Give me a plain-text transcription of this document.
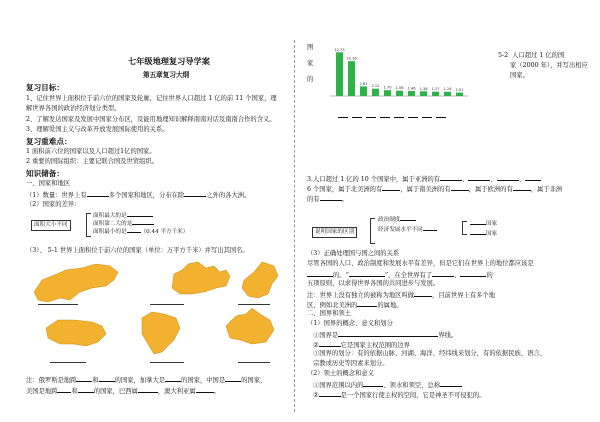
七年级地理复习导学案
第五章复习大纲
复习目标：
1、记住世界上面积位于前六位的国家及轮廓，记住世界人口超过 1 亿的前 11 个国家，理
解世界各国的政治经济划分类型。
2、了解发达国家及发展中国家分布区，及能用地理知识解释南南对话及南南合作的含义。
3、理解爱国主义与改革开放发展国际使用的关系。
复习重难点：
1 面积前六位的国家以及人口超过1亿的国家。
2 重要的国际组织：主要记联合国及世贸组织。
知识储备：
一、国家和地区
（1）数量：世界上有	多个国家和地区，分布在除	之外的各大洲。
（2）国家的差异：
面积大小不同
面积最大的是
面积第二大的是
面积最小的是	（0.44 平方千米）
（3）、 5-1 世界上面积位于前六位的国家（单位：万平方千米）并写出其国名。
注：俄罗斯是地跨	和	的国家，加拿大是	的国家，中国是	的国家，
美国是地跨 和	的国家，巴西属	，澳大利亚属	。
图
家
的
12.75
10.16
2.81
2.12 1.70 1.56 1.46 1.38 1.27 1.24 1.01
5-2 人口超过 1 亿的国
家（2000 年），并写出相应
国家。
3.人口超过 1 亿的 10 个国家中，属于亚洲的有	、	、	、
6 个国家，属于北美洲的有	，属于南美洲的有	，属于欧洲的有	，属于非洲
的有	。
说明国家的区别
政治制度
经济发展水平不同
国家
国家
（3）正确处理国与国之间的关系
尽管各国的人口、政治制度和发展水平有差异，但是它们在世界上的地位都应该是
的。“	”，在全世界有了	、	的
五项原则，以求得世界各国的共同进步与发展。
注：世界上没有独立的被称为地区叫做	，目前世界上有多个地
区，例如北美洲的	的属地。
二、国界和领土
（1）国界的概念、意义和划分
①国界是	界线。
②	它是国家主权范围的边界
③国界的划分：有的依据山脉、河湖、海洋、经纬线来划分，有的依据民族、语言、
宗教或历史等因素来划分。
（2）领土的概念和意义
①国界范围以内的	、领水和领空，总称
②	是一个国家行使主权的空间，它是神圣不可侵犯的。
